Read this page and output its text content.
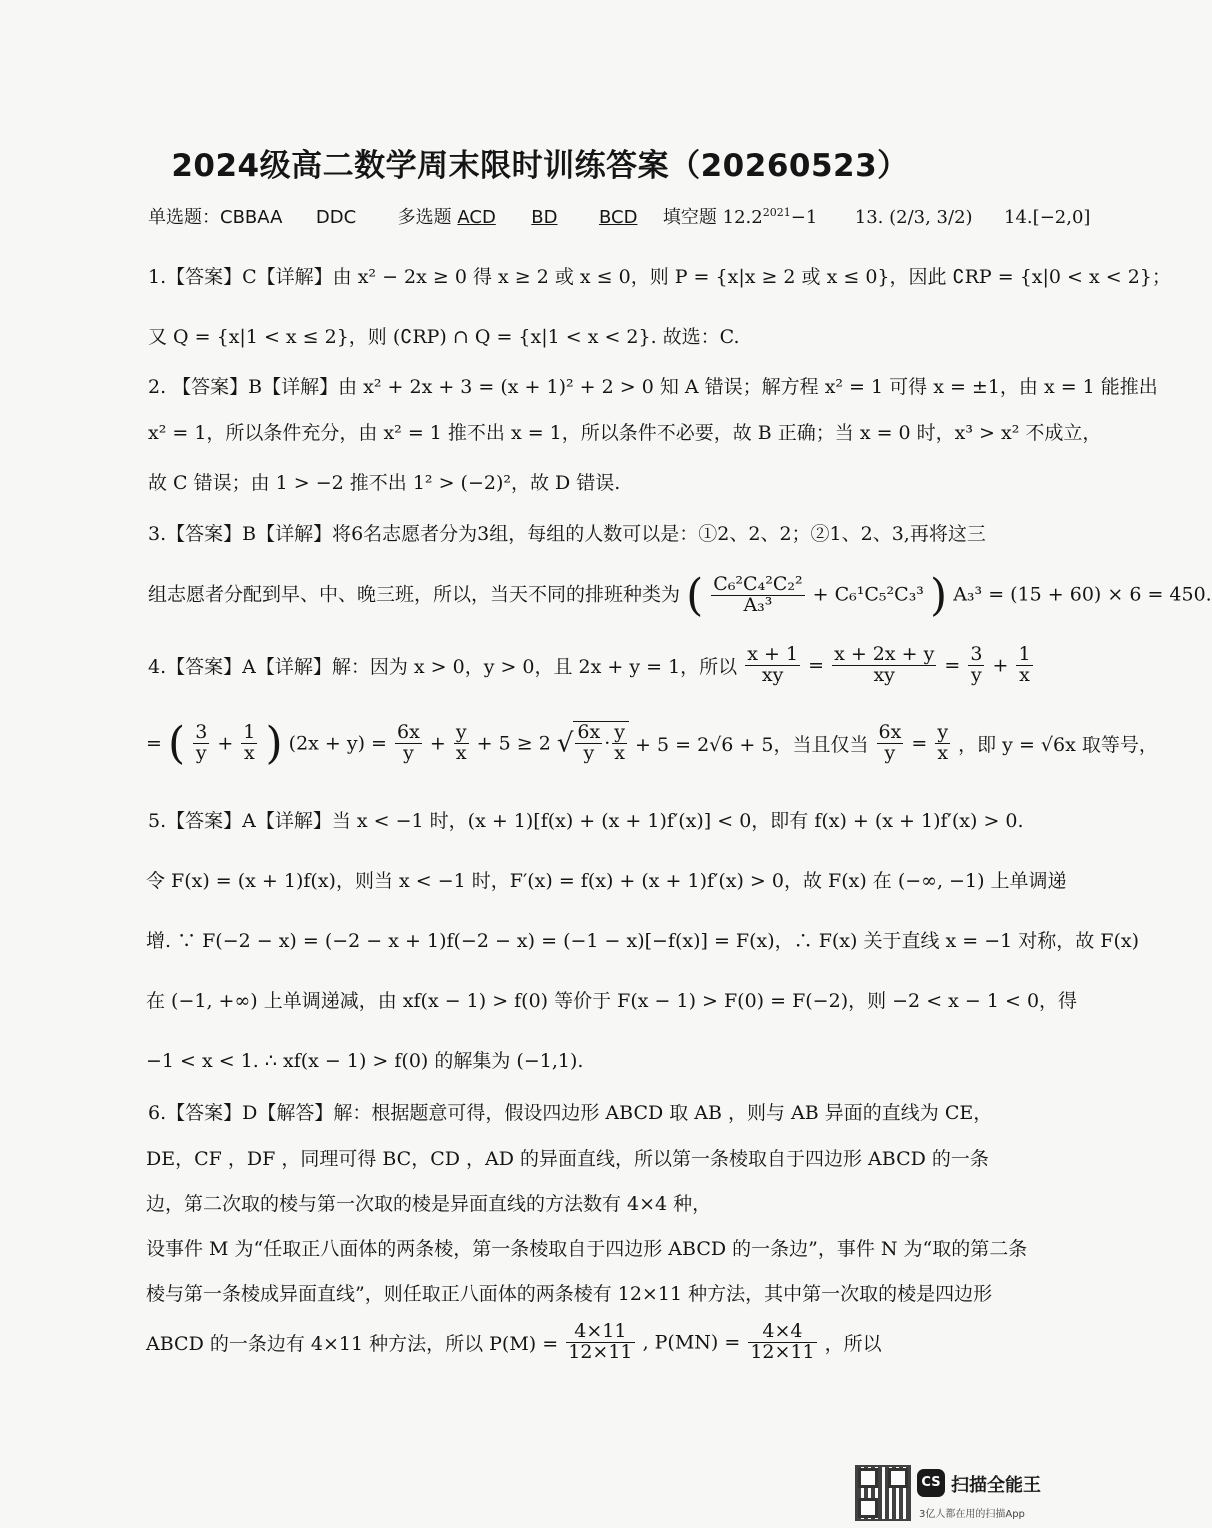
2024级高二数学周末限时训练答案（20260523）
单选题：CBBAA DDC 多选题 ACD BD BCD 填空题 $12.2^{2021}-1$ 13. (2/3, 3/2) 14.[−2,0]
1.【答案】C【详解】由 x² − 2x ≥ 0 得 x ≥ 2 或 x ≤ 0，则 P = {x|x ≥ 2 或 x ≤ 0}，因此 ∁RP = {x|0 < x < 2}；
又 Q = {x|1 < x ≤ 2}，则 (∁RP) ∩ Q = {x|1 < x < 2}. 故选：C.
2. 【答案】B【详解】由 x² + 2x + 3 = (x + 1)² + 2 > 0 知 A 错误；解方程 x² = 1 可得 x = ±1，由 x = 1 能推出
x² = 1，所以条件充分，由 x² = 1 推不出 x = 1，所以条件不必要，故 B 正确；当 x = 0 时，x³ > x² 不成立，
故 C 错误；由 1 > −2 推不出 1² > (−2)²，故 D 错误.
3.【答案】B【详解】将6名志愿者分为3组，每组的人数可以是：①2、2、2；②1、2、3,再将这三
组志愿者分配到早、中、晚三班，所以，当天不同的排班种类为 ( $\frac{\text{C₆²C₄²C₂²}}{\text{A₃³}} + C_6^1C_5^2C_3^3$ ) A₃³ = (15 + 60) × 6 = 450.
4.【答案】A【详解】解：因为 x > 0，y > 0，且 2x + y = 1，所以 $\frac{x + 1}{xy} = \frac{x + 2x + y}{xy} = \frac{3}{y} + \frac{1}{x}$
= ( $\frac{3}{y} + \frac{1}{x}$ ) $(2x + y) = \frac{6x}{y} + \frac{y}{x} + 5 \ge 2$ √ $\frac{6x}{y} \cdot \frac{y}{x} + 5 = 2√6 + 5$，当且仅当 $\frac{6x}{y} = \frac{y}{x}$ ，即 y = √6x 取等号，
5.【答案】A【详解】当 x < −1 时，(x + 1)[f(x) + (x + 1)f′(x)] < 0，即有 f(x) + (x + 1)f′(x) > 0.
令 F(x) = (x + 1)f(x)，则当 x < −1 时，F′(x) = f(x) + (x + 1)f′(x) > 0，故 F(x) 在 (−∞, −1) 上单调递
增. ∵ F(−2 − x) = (−2 − x + 1)f(−2 − x) = (−1 − x)[−f(x)] = F(x)，∴ F(x) 关于直线 x = −1 对称，故 F(x)
在 (−1, +∞) 上单调递减，由 xf(x − 1) > f(0) 等价于 F(x − 1) > F(0) = F(−2)，则 −2 < x − 1 < 0，得
−1 < x < 1. ∴ xf(x − 1) > f(0) 的解集为 (−1,1).
6.【答案】D【解答】解：根据题意可得，假设四边形 ABCD 取 AB ，则与 AB 异面的直线为 CE，
DE，CF ，DF ，同理可得 BC，CD ，AD 的异面直线，所以第一条棱取自于四边形 ABCD 的一条
边，第二次取的棱与第一次取的棱是异面直线的方法数有 4×4 种，
设事件 M 为“任取正八面体的两条棱，第一条棱取自于四边形 ABCD 的一条边”，事件 N 为“取的第二条
棱与第一条棱成异面直线”，则任取正八面体的两条棱有 12×11 种方法，其中第一次取的棱是四边形
ABCD 的一条边有 4×11 种方法，所以 $P(M) = \frac{4\times 11}{12\times 11}$ , $P(MN) = \frac{4\times 4}{12\times 11}$ ，所以
CS 扫描全能王
3亿人都在用的扫描App
